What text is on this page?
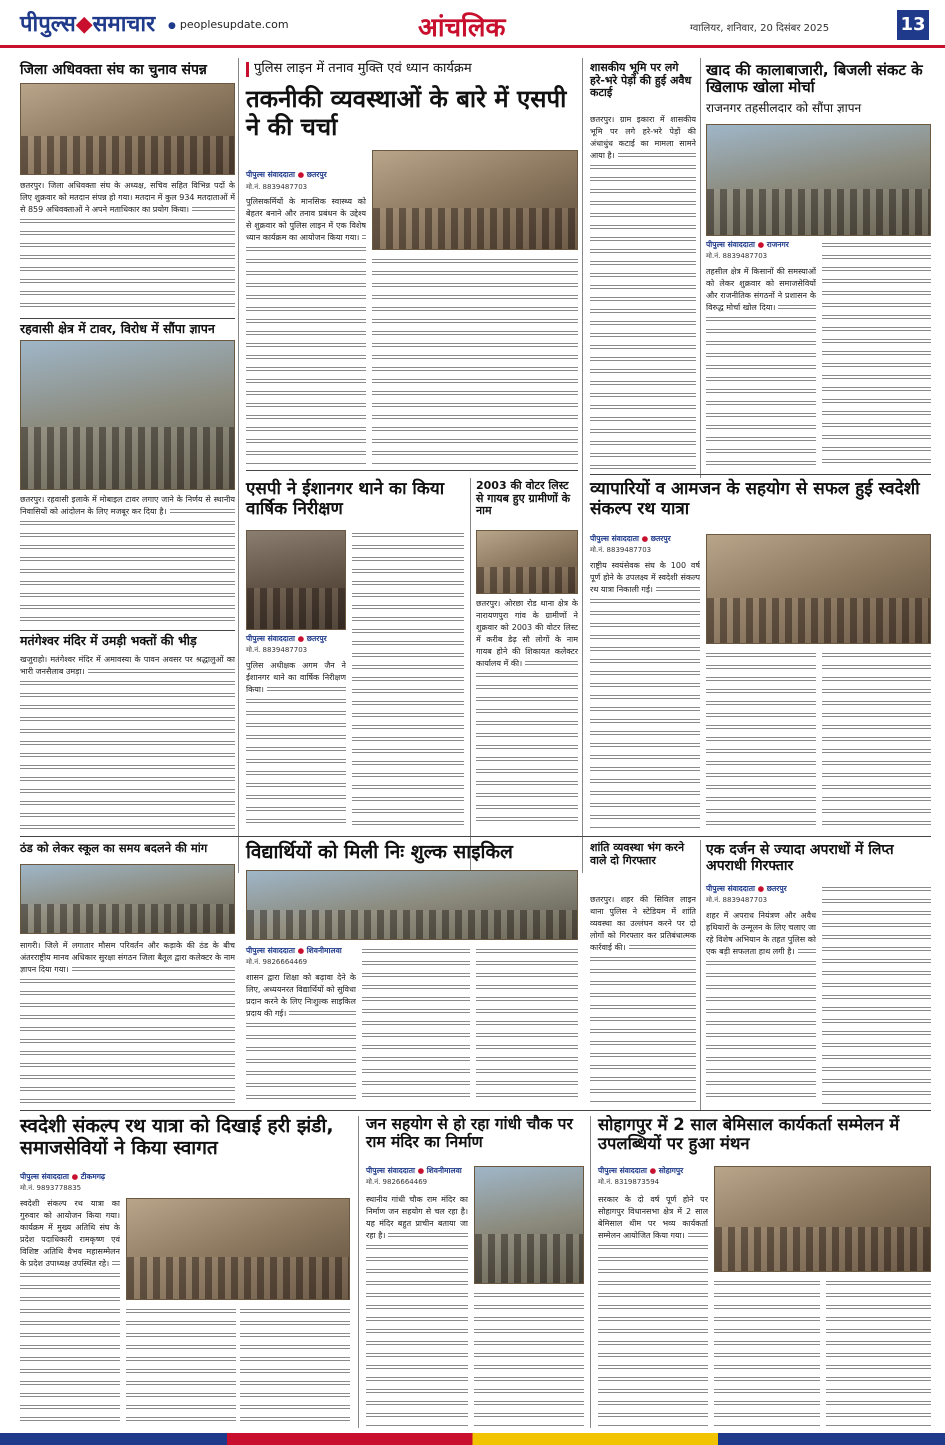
पीपुल्स◆समाचार
●	peoplesupdate.com	आंचलिक	ग्वालियर, शनिवार, 20 दिसंबर 2025	13
जिला अधिवक्ता संघ का चुनाव संपन्न
छतरपुर। जिला अधिवक्ता संघ के अध्यक्ष, सचिव सहित विभिन्न पदों के लिए शुक्रवार को मतदान संपन्न हो गया। मतदान में कुल 934 मतदाताओं में से 859 अधिवक्ताओं ने अपने मताधिकार का प्रयोग किया।
रहवासी क्षेत्र में टावर, विरोध में सौंपा ज्ञापन
छतरपुर। रहवासी इलाके में मोबाइल टावर लगाए जाने के निर्णय से स्थानीय निवासियों को आंदोलन के लिए मजबूर कर दिया है।
मतंगेश्वर मंदिर में उमड़ी भक्तों की भीड़
खजुराहो। मतंगेश्वर मंदिर में अमावस्या के पावन अवसर पर श्रद्धालुओं का भारी जनसैलाब उमड़ा।
पुलिस लाइन में तनाव मुक्ति एवं ध्यान कार्यक्रम
तकनीकी व्यवस्थाओं के बारे में एसपी ने की चर्चा
पीपुल्स संवाददाता ● छतरपुर
मो.नं. 8839487703
पुलिसकर्मियों के मानसिक स्वास्थ्य को बेहतर बनाने और तनाव प्रबंधन के उद्देश्य से शुक्रवार को पुलिस लाइन में एक विशेष ध्यान कार्यक्रम का आयोजन किया गया।
शासकीय भूमि पर लगे हरे-भरे पेड़ों की हुई अवैध कटाई
छतरपुर। ग्राम इकारा में शासकीय भूमि पर लगे हरे-भरे पेड़ों की अंधाधुंध कटाई का मामला सामने आया है।
खाद की कालाबाजारी, बिजली संकट के खिलाफ खोला मोर्चा
राजनगर तहसीलदार को सौंपा ज्ञापन
पीपुल्स संवाददाता ● राजनगर
मो.नं. 8839487703
तहसील क्षेत्र में किसानों की समस्याओं को लेकर शुक्रवार को समाजसेवियों और राजनीतिक संगठनों ने प्रशासन के विरुद्ध मोर्चा खोल दिया।
एसपी ने ईशानगर थाने का किया वार्षिक निरीक्षण
पीपुल्स संवाददाता ● छतरपुर
मो.नं. 8839487703
पुलिस अधीक्षक अगम जैन ने ईशानगर थाने का वार्षिक निरीक्षण किया।
2003 की वोटर लिस्ट से गायब हुए ग्रामीणों के नाम
छतरपुर। ओरछा रोड थाना क्षेत्र के नारायणपुरा गांव के ग्रामीणों ने शुक्रवार को 2003 की वोटर लिस्ट में करीब डेढ़ सौ लोगों के नाम गायब होने की शिकायत कलेक्टर कार्यालय में की।
व्यापारियों व आमजन के सहयोग से सफल हुई स्वदेशी संकल्प रथ यात्रा
पीपुल्स संवाददाता ● छतरपुर
मो.नं. 8839487703
राष्ट्रीय स्वयंसेवक संघ के 100 वर्ष पूर्ण होने के उपलक्ष्य में स्वदेशी संकल्प रथ यात्रा निकाली गई।
ठंड को लेकर स्कूल का समय बदलने की मांग
सागरी। जिले में लगातार मौसम परिवर्तन और कड़ाके की ठंड के बीच अंतरराष्ट्रीय मानव अधिकार सुरक्षा संगठन जिला बैतूल द्वारा कलेक्टर के नाम ज्ञापन दिया गया।
विद्यार्थियों को मिली निः शुल्क साइकिल
पीपुल्स संवाददाता ● शिवनीमालवा
मो.नं. 9826664469
शासन द्वारा शिक्षा को बढ़ावा देने के लिए, अध्ययनरत विद्यार्थियों को सुविधा प्रदान करने के लिए निःशुल्क साइकिल प्रदाय की गई।
शांति व्यवस्था भंग करने वाले दो गिरफ्तार
छतरपुर। शहर की सिविल लाइन थाना पुलिस ने स्टेडियम में शांति व्यवस्था का उल्लंघन करने पर दो लोगों को गिरफ्तार कर प्रतिबंधात्मक कार्रवाई की।
एक दर्जन से ज्यादा अपराधों में लिप्त अपराधी गिरफ्तार
पीपुल्स संवाददाता ● छतरपुर
मो.नं. 8839487703
शहर में अपराध नियंत्रण और अवैध हथियारों के उन्मूलन के लिए चलाए जा रहे विशेष अभियान के तहत पुलिस को एक बड़ी सफलता हाथ लगी है।
स्वदेशी संकल्प रथ यात्रा को दिखाई हरी झंडी, समाजसेवियों ने किया स्वागत
पीपुल्स संवाददाता ● टीकमगढ़
मो.नं. 9893778835
स्वदेशी संकल्प रथ यात्रा का गुरुवार को आयोजन किया गया। कार्यक्रम में मुख्य अतिथि संघ के प्रदेश पदाधिकारी रामकृष्ण एवं विशिष्ट अतिथि वैभव महासम्मेलन के प्रदेश उपाध्यक्ष उपस्थित रहे।
जन सहयोग से हो रहा गांधी चौक पर राम मंदिर का निर्माण
पीपुल्स संवाददाता ● शिवनीमालवा
मो.नं. 9826664469
स्थानीय गांधी चौक राम मंदिर का निर्माण जन सहयोग से चल रहा है। यह मंदिर बहुत प्राचीन बताया जा रहा है।
सोहागपुर में 2 साल बेमिसाल कार्यकर्ता सम्मेलन में उपलब्धियों पर हुआ मंथन
पीपुल्स संवाददाता ● सोहागपुर
मो.नं. 8319873594
सरकार के दो वर्ष पूर्ण होने पर सोहागपुर विधानसभा क्षेत्र में 2 साल बेमिसाल थीम पर भव्य कार्यकर्ता सम्मेलन आयोजित किया गया।
